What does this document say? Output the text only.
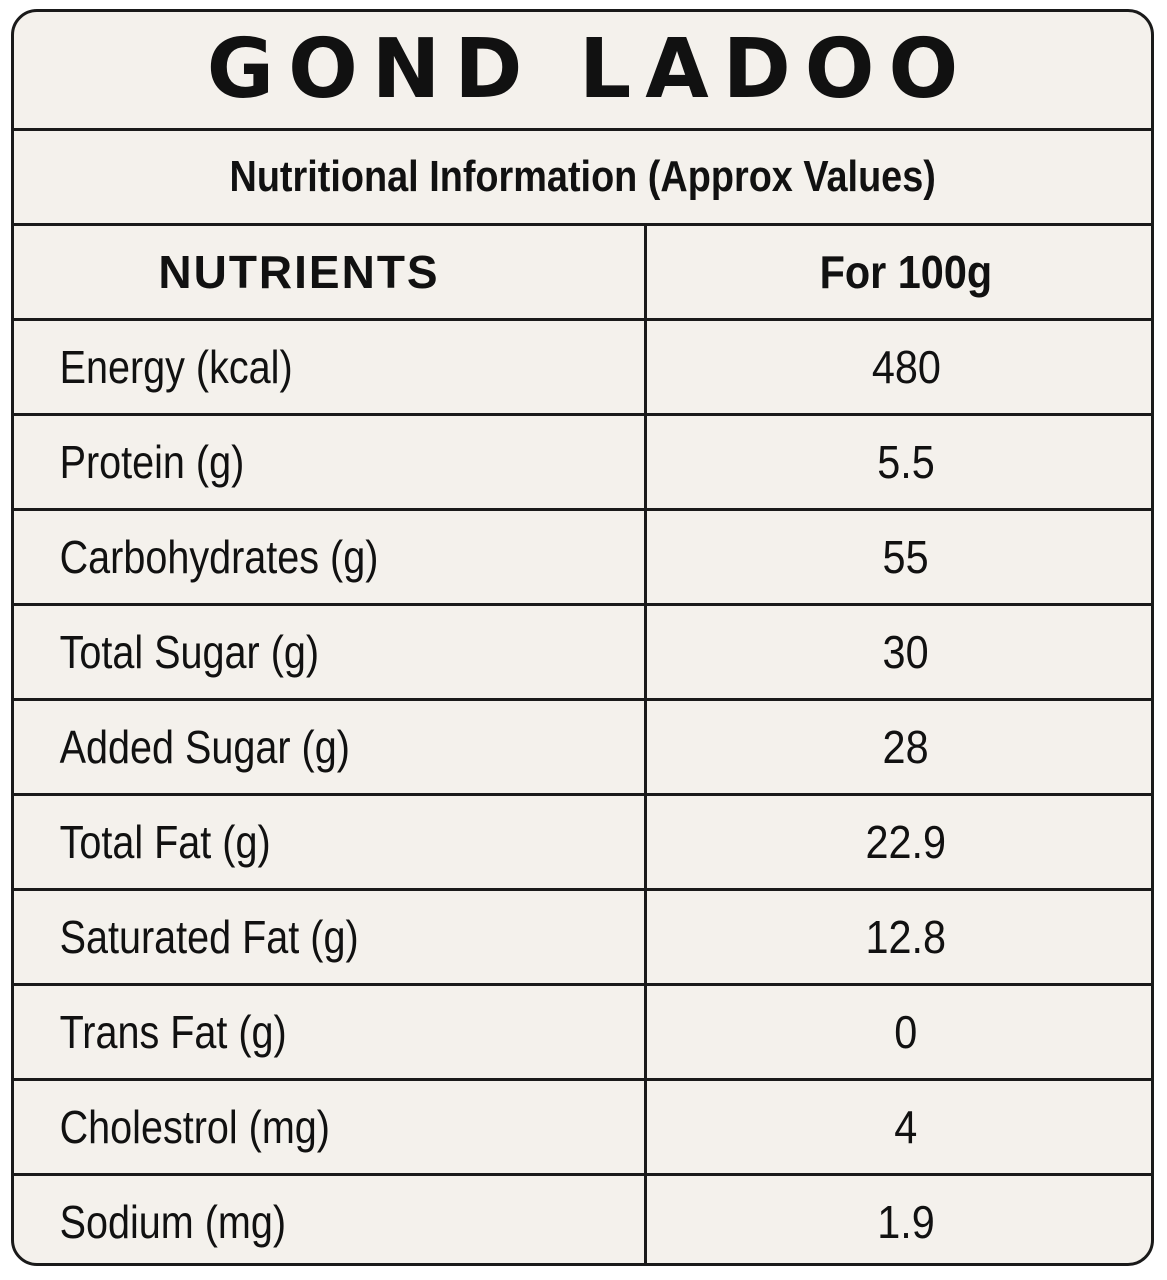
GOND LADOO
Nutritional Information (Approx Values)
NUTRIENTS	For 100g
Energy (kcal)	480
Protein (g)	5.5
Carbohydrates (g)	55
Total Sugar (g)	30
Added Sugar (g)	28
Total Fat (g)	22.9
Saturated Fat (g)	12.8
Trans Fat (g)	0
Cholestrol (mg)	4
Sodium (mg)	1.9
